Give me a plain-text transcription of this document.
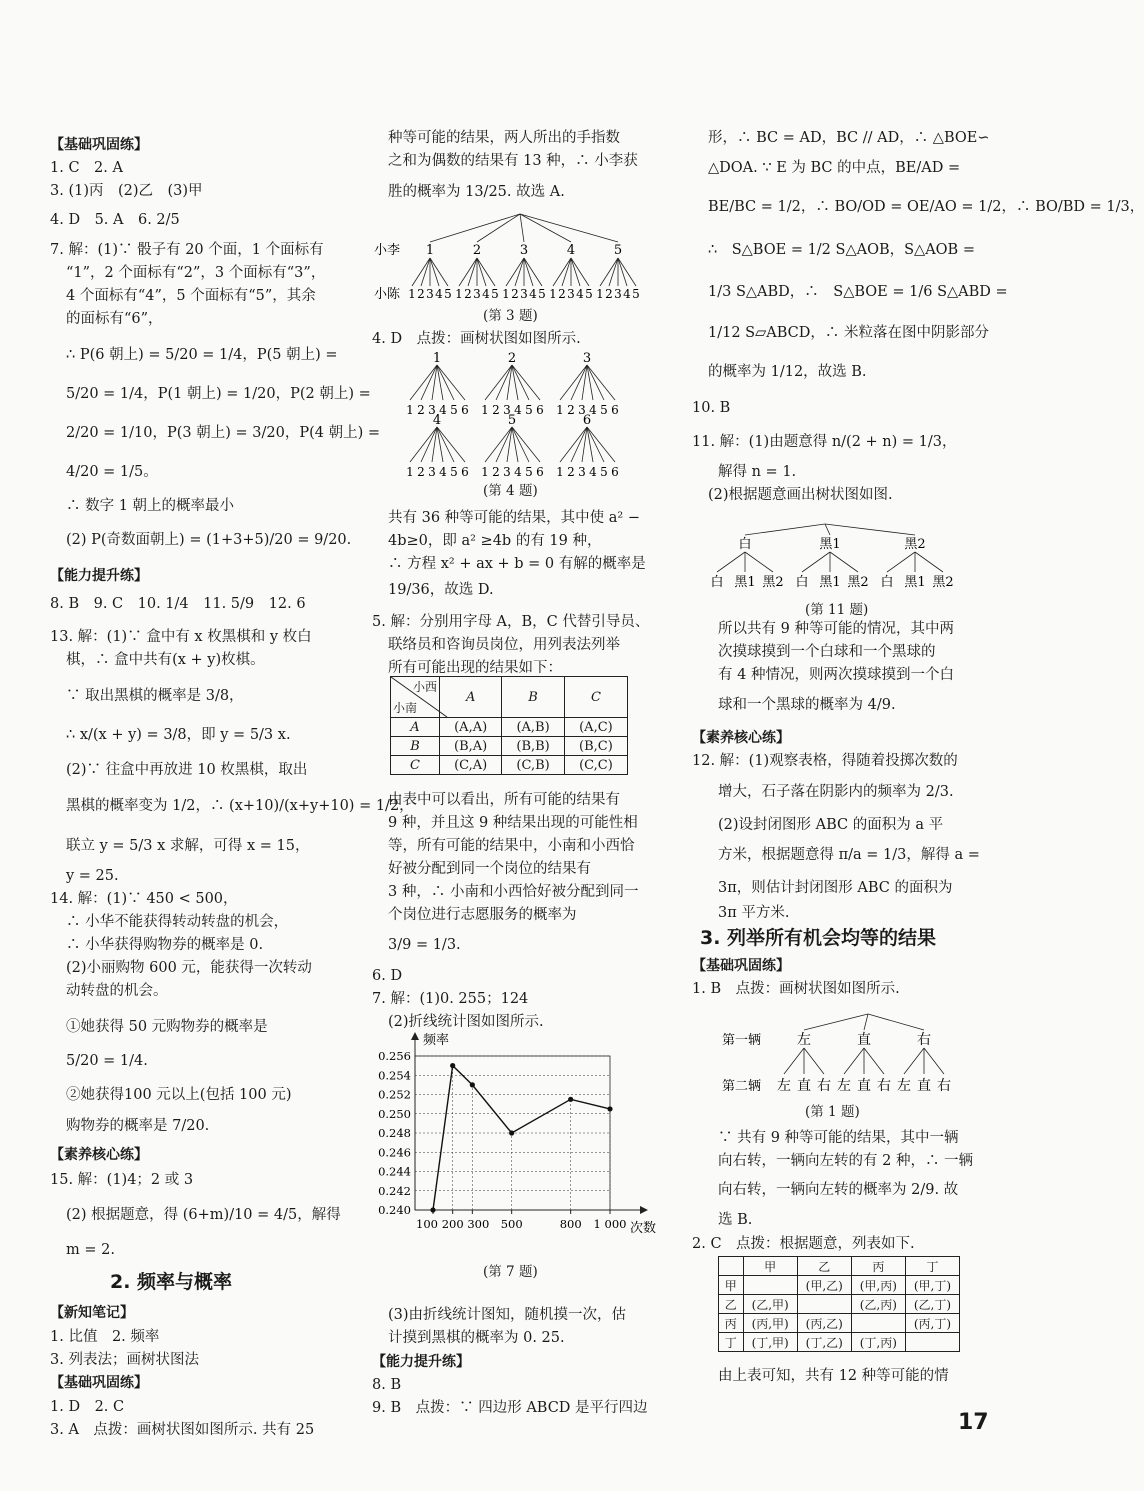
【基础巩固练】
1. C　2. A
3. (1)丙　(2)乙　(3)甲
4. D　5. A　6. 2/5
7. 解：(1)∵ 骰子有 20 个面，1 个面标有
“1”，2 个面标有“2”，3 个面标有“3”，
4 个面标有“4”，5 个面标有“5”，其余
的面标有“6”，
∴ P(6 朝上) = 5/20 = 1/4，P(5 朝上) =
5/20 = 1/4，P(1 朝上) = 1/20，P(2 朝上) =
2/20 = 1/10，P(3 朝上) = 3/20，P(4 朝上) =
4/20 = 1/5。
∴ 数字 1 朝上的概率最小
(2) P(奇数面朝上) = (1+3+5)/20 = 9/20.
【能力提升练】
8. B　9. C　10. 1/4　11. 5/9　12. 6
13. 解：(1)∵ 盒中有 x 枚黑棋和 y 枚白
棋，∴ 盒中共有(x + y)枚棋。
∵ 取出黑棋的概率是 3/8，
∴ x/(x + y) = 3/8，即 y = 5/3 x.
(2)∵ 往盒中再放进 10 枚黑棋，取出
黑棋的概率变为 1/2，∴ (x+10)/(x+y+10) = 1/2，
联立 y = 5/3 x 求解，可得 x = 15，
y = 25.
14. 解：(1)∵ 450 < 500，
∴ 小华不能获得转动转盘的机会，
∴ 小华获得购物券的概率是 0.
(2)小丽购物 600 元，能获得一次转动
动转盘的机会。
①她获得 50 元购物券的概率是
5/20 = 1/4.
②她获得100 元以上(包括 100 元)
购物券的概率是 7/20.
【素养核心练】
15. 解：(1)4；2 或 3
(2) 根据题意，得 (6+m)/10 = 4/5，解得
m = 2.
2. 频率与概率
【新知笔记】
1. 比值　2. 频率
3. 列表法；画树状图法
【基础巩固练】
1. D　2. C
3. A　点拨：画树状图如图所示. 共有 25
种等可能的结果，两人所出的手指数
之和为偶数的结果有 13 种，∴ 小李获
胜的概率为 13/25. 故选 A.
4. D　点拨：画树状图如图所示.
共有 36 种等可能的结果，其中使 a² −
4b≥0，即 a² ≥4b 的有 19 种，
∴ 方程 x² + ax + b = 0 有解的概率是
19/36，故选 D.
5. 解：分别用字母 A，B，C 代替引导员、
联络员和咨询员岗位，用列表法列举
所有可能出现的结果如下：
由表中可以看出，所有可能的结果有
9 种，并且这 9 种结果出现的可能性相
等，所有可能的结果中，小南和小西恰
好被分配到同一个岗位的结果有
3 种，∴ 小南和小西恰好被分配到同一
个岗位进行志愿服务的概率为
3/9 = 1/3.
6. D
7. 解：(1)0. 255；124
(2)折线统计图如图所示.
(3)由折线统计图知，随机摸一次，估
计摸到黑棋的概率为 0. 25.
【能力提升练】
8. B
9. B　点拨：∵ 四边形 ABCD 是平行四边
形，∴ BC = AD，BC // AD，∴ △BOE∽
△DOA. ∵ E 为 BC 的中点，BE/AD =
BE/BC = 1/2，∴ BO/OD = OE/AO = 1/2，∴ BO/BD = 1/3，
∴　S△BOE = 1/2 S△AOB，S△AOB =
1/3 S△ABD，∴　S△BOE = 1/6 S△ABD =
1/12 S▱ABCD，∴ 米粒落在图中阴影部分
的概率为 1/12，故选 B.
10. B
11. 解：(1)由题意得 n/(2 + n) = 1/3，
解得 n = 1.
(2)根据题意画出树状图如图.
所以共有 9 种等可能的情况，其中两
次摸球摸到一个白球和一个黑球的
有 4 种情况，则两次摸球摸到一个白
球和一个黑球的概率为 4/9.
【素养核心练】
12. 解：(1)观察表格，得随着投掷次数的
增大，石子落在阴影内的频率为 2/3.
(2)设封闭图形 ABC 的面积为 a 平
方米，根据题意得 π/a = 1/3，解得 a =
3π，则估计封闭图形 ABC 的面积为
3π 平方米.
3. 列举所有机会均等的结果
【基础巩固练】
1. B　点拨：画树状图如图所示.
∵ 共有 9 种等可能的结果，其中一辆
向右转，一辆向左转的有 2 种，∴ 一辆
向右转，一辆向左转的概率为 2/9. 故
选 B.
2. C　点拨：根据题意，列表如下.
由上表可知，共有 12 种等可能的情
小李
小陈
1
1 2 3 4 5
2
1 2 3 4 5
3
1 2 3 4 5
4
1 2 3 4 5
5
1 2 3 4 5
(第 3 题)
1
1 2 3 4 5 6
2
1 2 3 4 5 6
3
1 2 3 4 5 6
4
1 2 3 4 5 6
5
1 2 3 4 5 6
6
1 2 3 4 5 6
(第 4 题)
小西
小南	A	B	C
A	(A,A)	(A,B)	(A,C)
B	(B,A)	(B,B)	(B,C)
C	(C,A)	(C,B)	(C,C)
频率
次数
0.240
0.242
0.244
0.246
0.248
0.250
0.252
0.254
0.256
100 200 300 500	800 1 000
(第 7 题)
白
白 黑1 黑2
黑1
白 黑1 黑2
黑2
白 黑1 黑2
(第 11 题)
第一辆
第二辆
左
左 直 右
直
左 直 右
右
左 直 右
(第 1 题)
	甲	乙	丙	丁
甲		(甲,乙)	(甲,丙)	(甲,丁)
乙	(乙,甲)		(乙,丙)	(乙,丁)
丙	(丙,甲)	(丙,乙)		(丙,丁)
丁	(丁,甲)	(丁,乙)	(丁,丙)	
17
